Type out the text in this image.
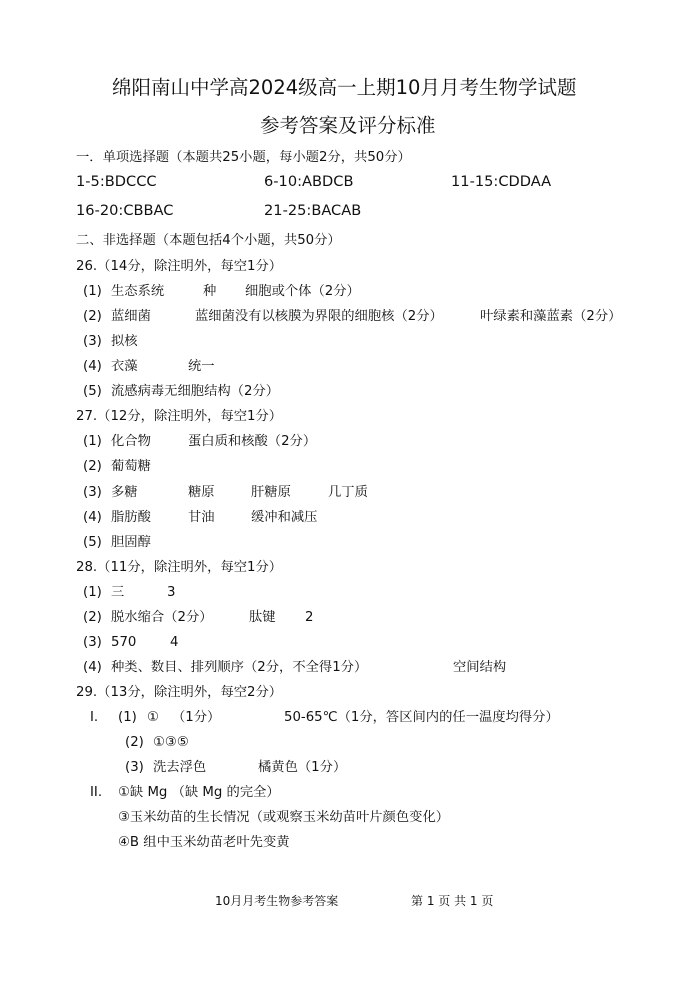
绵阳南山中学高2024级高一上期10月月考生物学试题
参考答案及评分标准
一．单项选择题（本题共25小题，每小题2分，共50分）
1-5:BDCCC	6-10:ABDCB	11-15:CDDAA
16-20:CBBAC	21-25:BACAB
二、非选择题（本题包括4个小题，共50分）
26.（14分，除注明外，每空1分）
(1) 生态系统	种 细胞或个体（2分）
(2) 蓝细菌	蓝细菌没有以核膜为界限的细胞核（2分）	叶绿素和藻蓝素（2分）
(3) 拟核
(4) 衣藻	统一
(5) 流感病毒无细胞结构（2分）
27.（12分，除注明外，每空1分）
(1) 化合物	蛋白质和核酸（2分）
(2) 葡萄糖
(3) 多糖	糖原	肝糖原	几丁质
(4) 脂肪酸	甘油	缓冲和减压
(5) 胆固醇
28.（11分，除注明外，每空1分）
(1) 三	3
(2) 脱水缩合（2分）	肽键 2
(3) 570	4
(4) 种类、数目、排列顺序（2分，不全得1分）	空间结构
29.（13分，除注明外，每空2分）
I. (1) ① （1分）	50-65℃（1分，答区间内的任一温度均得分）
(2) ①③⑤
(3) 洗去浮色	橘黄色（1分）
II. ①缺 Mg （缺 Mg 的完全）
③玉米幼苗的生长情况（或观察玉米幼苗叶片颜色变化）
④B 组中玉米幼苗老叶先变黄
10月月考生物参考答案	第 1 页 共 1 页
